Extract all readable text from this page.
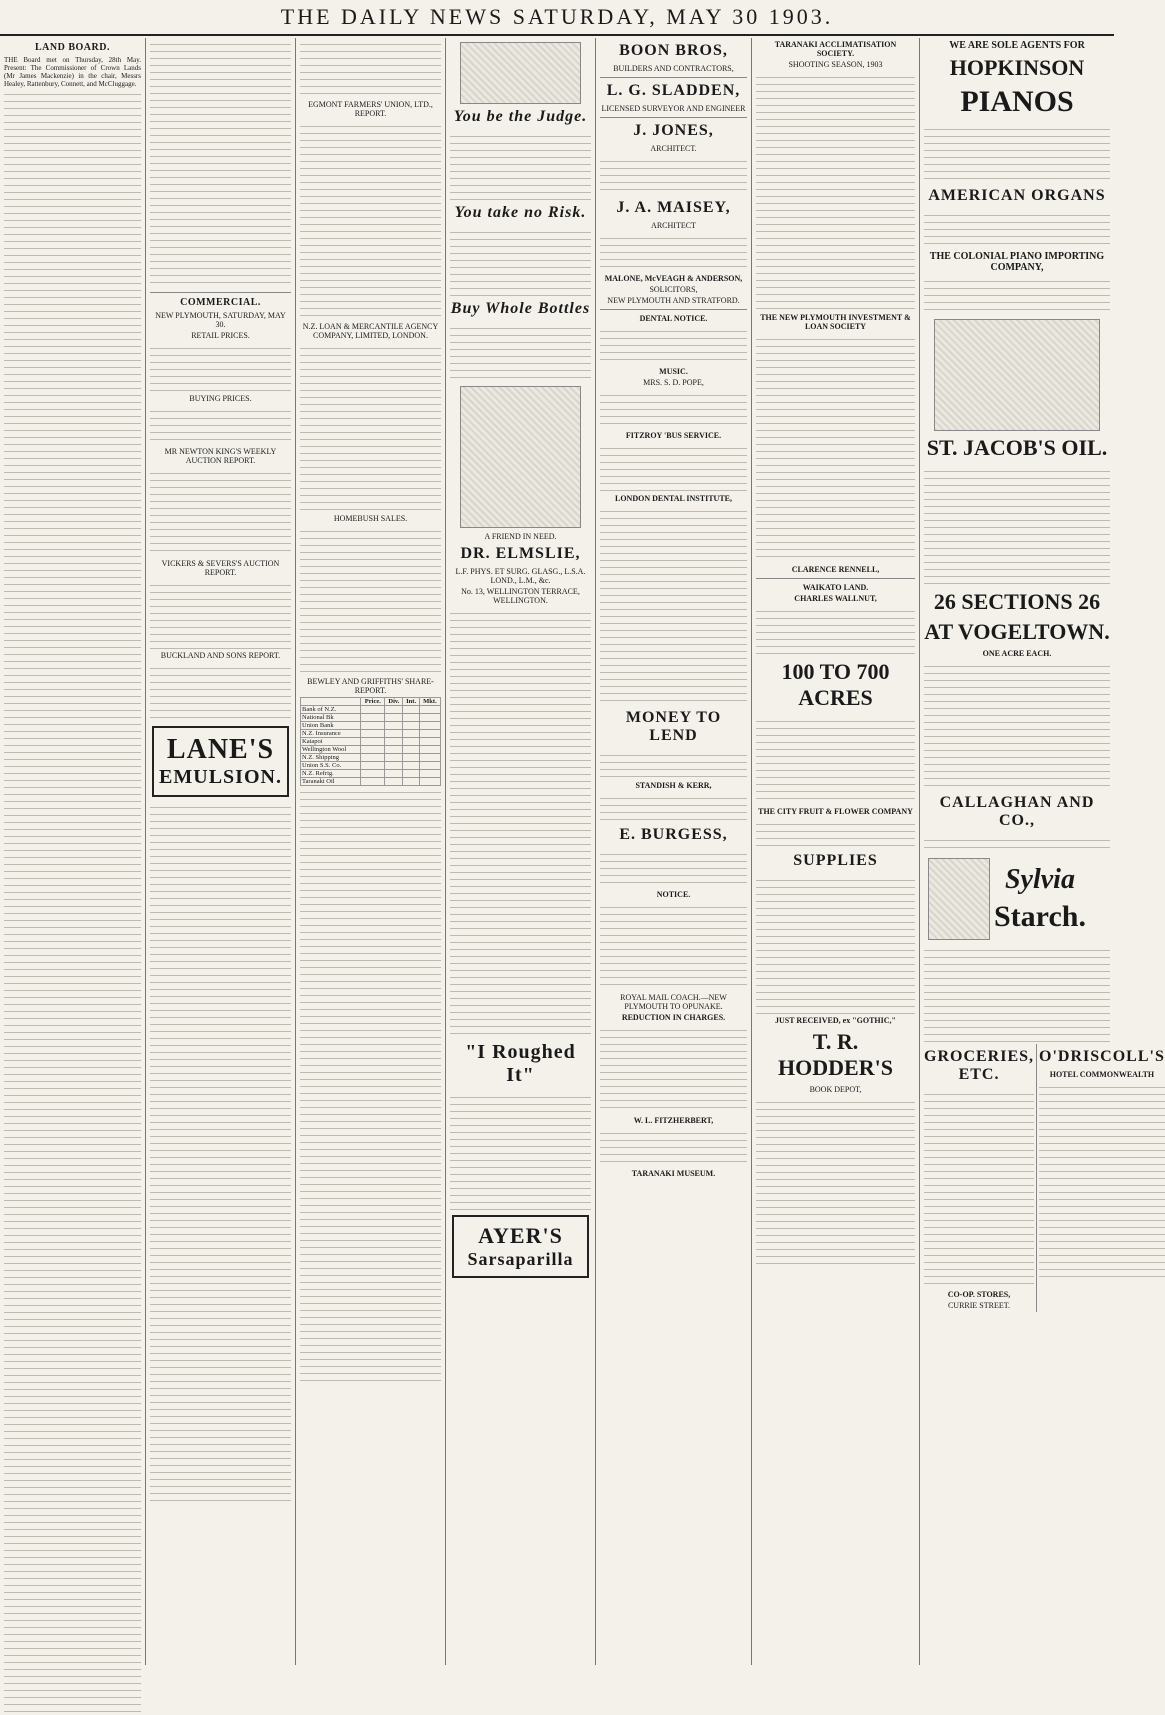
THE DAILY NEWS SATURDAY, MAY 30 1903.
LAND BOARD.
THE Board met on Thursday, 28th May. Present: The Commissioner of Crown Lands (Mr James Mackenzie) in the chair, Messrs Healey, Rattenbury, Connett, and McCluggage.
COMMERCIAL.
NEW PLYMOUTH, SATURDAY, MAY 30.
RETAIL PRICES.
BUYING PRICES.
MR NEWTON KING'S WEEKLY AUCTION REPORT.
VICKERS & SEVERS'S AUCTION REPORT.
BUCKLAND AND SONS REPORT.
LANE'S
EMULSION.
EGMONT FARMERS' UNION, LTD., REPORT.
N.Z. LOAN & MERCANTILE AGENCY COMPANY, LIMITED, LONDON.
HOMEBUSH SALES.
BEWLEY AND GRIFFITHS' SHARE-REPORT.
	Price.	Div.	Int.	Mkt.
Bank of N.Z.				
National Bk				
Union Bank				
N.Z. Insurance				
Kaiapoi				
Wellington Wool				
N.Z. Shipping				
Union S.S. Co.				
N.Z. Refrig.				
Taranaki Oil				
You be the Judge.
You take no Risk.
Buy Whole Bottles
A FRIEND IN NEED.
DR. ELMSLIE,
L.F. PHYS. ET SURG. GLASG., L.S.A. LOND., L.M., &c.
No. 13, WELLINGTON TERRACE, WELLINGTON.
"I Roughed It"
AYER'S
Sarsaparilla
BOON BROS,
BUILDERS AND CONTRACTORS,
L. G. SLADDEN,
LICENSED SURVEYOR AND ENGINEER
J. JONES,
ARCHITECT.
J. A. MAISEY,
ARCHITECT
MALONE, McVEAGH & ANDERSON,
SOLICITORS,
NEW PLYMOUTH AND STRATFORD.
DENTAL NOTICE.
MUSIC.
MRS. S. D. POPE,
FITZROY 'BUS SERVICE.
LONDON DENTAL INSTITUTE,
MONEY TO LEND
STANDISH & KERR,
E. BURGESS,
NOTICE.
ROYAL MAIL COACH.—NEW PLYMOUTH TO OPUNAKE.
REDUCTION IN CHARGES.
W. L. FITZHERBERT,
TARANAKI MUSEUM.
TARANAKI ACCLIMATISATION SOCIETY.
SHOOTING SEASON, 1903
THE NEW PLYMOUTH INVESTMENT & LOAN SOCIETY
CLARENCE RENNELL,
WAIKATO LAND.
CHARLES WALLNUT,
100 TO 700 ACRES
THE CITY FRUIT & FLOWER COMPANY
SUPPLIES
JUST RECEIVED, ex "GOTHIC,"
T. R. HODDER'S
BOOK DEPOT,
WE ARE SOLE AGENTS FOR
HOPKINSON
PIANOS
AMERICAN ORGANS
THE COLONIAL PIANO IMPORTING COMPANY,
ST. JACOB'S OIL.
26 SECTIONS 26
AT VOGELTOWN.
ONE ACRE EACH.
CALLAGHAN AND CO.,
Sylvia
Starch.
GROCERIES, ETC.
CO-OP. STORES,
CURRIE STREET.
O'DRISCOLL'S
HOTEL COMMONWEALTH
